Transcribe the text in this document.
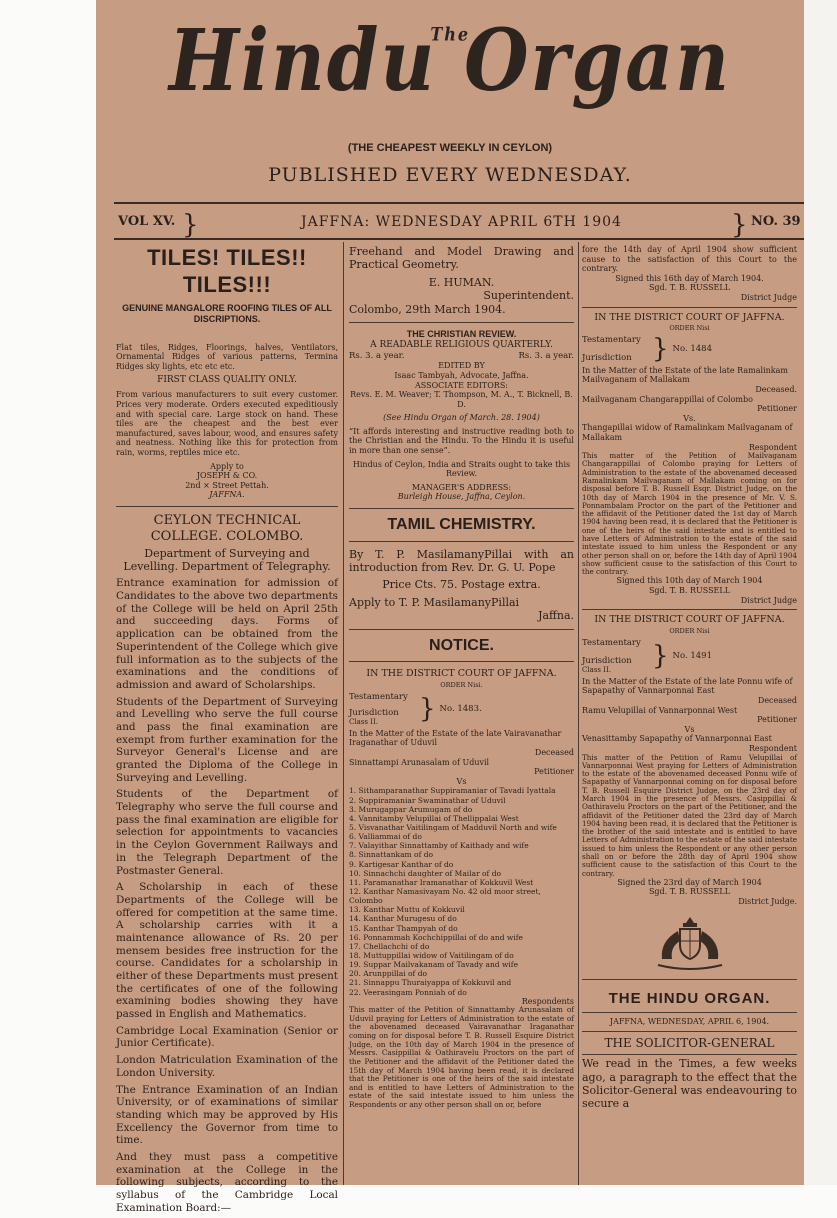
Hindu$^{The}$Organ
(THE CHEAPEST WEEKLY IN CEYLON)
PUBLISHED EVERY WEDNESDAY.
VOL XV. }	JAFFNA: WEDNESDAY APRIL 6TH 1904	} NO. 39
TILES! TILES!! TILES!!!
GENUINE MANGALORE ROOFING TILES OF ALL DISCRIPTIONS.

Flat tiles, Ridges, Floorings, halves, Ventilators, Ornamental Ridges of various patterns, Termina Ridges sky lights, etc etc etc.

FIRST CLASS QUALITY ONLY.

From various manufacturers to suit every customer. Prices very moderate. Orders executed expeditiously and with special care. Large stock on hand. These tiles are the cheapest and the best ever manufactured, saves labour, wood, and ensures safety and neatness. Nothing like this for protection from rain, worms, reptiles mice etc.

Apply to

JOSEPH & CO.

2nd × Street Pettah.

JAFFNA.

CEYLON TECHNICAL COLLEGE. COLOMBO.

Department of Surveying and Levelling. Department of Telegraphy.

Entrance examination for admission of Candidates to the above two departments of the College will be held on April 25th and succeeding days. Forms of application can be obtained from the Superintendent of the College which give full information as to the subjects of the examinations and the conditions of admission and award of Scholarships.

Students of the Department of Surveying and Levelling who serve the full course and pass the final examination are exempt from further examination for the Surveyor General's License and are granted the Diploma of the College in Surveying and Levelling.

Students of the Department of Telegraphy who serve the full course and pass the final examination are eligible for selection for appointments to vacancies in the Ceylon Government Railways and in the Telegraph Department of the Postmaster General.

A Scholarship in each of these Departments of the College will be offered for competition at the same time. A scholarship carries with it a maintenance allowance of Rs. 20 per mensem besides free instruction for the course. Candidates for a scholarship in either of these Departments must present the certificates of one of the following examining bodies showing they have passed in English and Mathematics.

Cambridge Local Examination (Senior or Junior Certificate).

London Matriculation Examination of the London University.

The Entrance Examination of an Indian University, or of examinations of similar standing which may be approved by His Excellency the Governor from time to time.

And they must pass a competitive examination at the College in the following subjects, according to the syllabus of the Cambridge Local Examination Board:—

Freehand and Model Drawing and Practical Geometry.

E. HUMAN.

Superintendent.

Colombo, 29th March 1904.

THE CHRISTIAN REVIEW.

A READABLE RELIGIOUS QUARTERLY.

Rs. 3. a year.	Rs. 3. a year.

EDITED BY

Isaac Tambyah, Advocate, Jaffna.

ASSOCIATE EDITORS:

Revs. E. M. Weaver; T. Thompson, M. A., T. Bicknell, B. D.

(See Hindu Organ of March. 28. 1904)

“It affords interesting and instructive reading both to the Christian and the Hindu. To the Hindu it is useful in more than one sense”.

Hindus of Ceylon, India and Straits ought to take this Review.

MANAGER'S ADDRESS:

Burleigh House, Jaffna, Ceylon.

TAMIL CHEMISTRY.

By T. P. MasilamanyPillai with an introduction from Rev. Dr. G. U. Pope

Price Cts. 75. Postage extra.

Apply to T. P. MasilamanyPillai

Jaffna.

NOTICE.
IN THE DISTRICT COURT OF JAFFNA.

ORDER Nisi.

Testamentary
Jurisdiction
Class II.	} No. 1483.

In the Matter of the Estate of the late Vairavanathar Iraganathar of Uduvil

Deceased

Sinnattampi Arunasalam of Uduvil

Petitioner

Vs

1. Sithamparanathar Suppiramaniar of Tavadi Iyattala

2. Suppiramaniar Swaminathar of Uduvil

3. Murugappar Arumugam of do

4. Vannitamby Velupillai of Thellippalai West

5. Visvanathar Vaitilingam of Madduvil North and wife

6. Valliammai of do

7. Valayithar Sinnattamby of Kaithady and wife

8. Sinnattankam of do

9. Kartigesar Kanthar of do

10. Sinnachchi daughter of Mailar of do

11. Paramanathar Iramanathar of Kokkuvil West

12. Kanthar Namasivayam No. 42 old moor street, Colombo

13. Kanthar Muttu of Kokkuvil

14. Kanthar Murugesu of do

15. Kanthar Thampyah of do

16. Ponnammah Kochchippillai of do and wife

17. Chellachchi of do

18. Muttuppillai widow of Vaitilingam of do

19. Suppar Mailvakanam of Tavady and wife

20. Arunppillai of do

21. Sinnappu Thuraiyappa of Kokkuvil and

22. Veerasingam Ponniah of do

Respondents

This matter of the Petition of Sinnattamby Arunasalam of Uduvil praying for Letters of Administration to the estate of the abovenamed deceased Vairavanathar Iraganathar coming on for disposal before T. B. Russell Esquire District Judge, on the 10th day of March 1904 in the presence of Messrs. Casippillai & Oathiravelu Proctors on the part of the Petitioner and the affidavit of the Petitioner dated the 15th day of March 1904 having been read, it is declared that the Petitioner is one of the heirs of the said intestate and is entitled to have Letters of Administration to the estate of the said intestate issued to him unless the Respondents or any other person shall on or, before

fore the 14th day of April 1904 show sufficient cause to the satisfaction of this Court to the contrary.

Signed this 16th day of March 1904.

Sgd. T. B. RUSSELL

District Judge

IN THE DISTRICT COURT OF JAFFNA.

ORDER Nisi

Testamentary
Jurisdiction } No. 1484

In the Matter of the Estate of the late Ramalinkam Mailvaganam of Mallakam

Deceased.

Mailvaganam Changarappillai of Colombo

Petitioner

Vs.

Thangapillai widow of Ramalinkam Mailvaganam of Mallakam

Respondent

This matter of the Petition of Mailvaganam Changarappillai of Colombo praying for Letters of Administration to the estate of the abovenamed deceased Ramalinkam Mailvaganam of Mallakam coming on for disposal before T. B. Russell Esqr. District Judge, on the 10th day of March 1904 in the presence of Mr. V. S. Ponnambalam Proctor on the part of the Petitioner and the affidavit of the Petitioner dated the 1st day of March 1904 having been read, it is declared that the Petitioner is one of the heirs of the said intestate and is entitled to have Letters of Administration to the estate of the said intestate issued to him unless the Respondent or any other person shall on or, before the 14th day of April 1904 show sufficient cause to the satisfaction of this Court to the contrary.

Signed this 10th day of March 1904

Sgd. T. B. RUSSELL

District Judge

IN THE DISTRICT COURT OF JAFFNA.

ORDER Nisi

Testamentary
Jurisdiction
Class II.	} No. 1491

In the Matter of the Estate of the late Ponnu wife of Sapapathy of Vannarponnai East

Deceased

Ramu Velupillai of Vannarponnai West

Petitioner

Vs

Venasittamby Sapapathy of Vannarponnai East

Respondent

This matter of the Petition of Ramu Velupillai of Vannarponnai West praying for Letters of Administration to the estate of the abovenamed deceased Ponnu wife of Sapapathy of Vannarponnai coming on for disposal before T. B. Russell Esquire District Judge, on the 23rd day of March 1904 in the presence of Messrs. Casippillai & Oathiravelu Proctors on the part of the Petitioner, and the affidavit of the Petitioner dated the 23rd day of March 1904 having been read, it is declared that the Petitioner is the brother of the said intestate and is entitled to have Letters of Administration to the estate of the said intestate issued to him unless the Respondent or any other person shall on or before the 28th day of April 1904 show sufficient cause to the satisfaction of this Court to the contrary.

Signed the 23rd day of March 1904

Sgd. T. B. RUSSELL

District Judge.

THE HINDU ORGAN.

JAFFNA, WEDNESDAY, APRIL 6, 1904.

THE SOLICITOR-GENERAL

We read in the Times, a few weeks ago, a paragraph to the effect that the Solicitor-General was endeavouring to secure a
